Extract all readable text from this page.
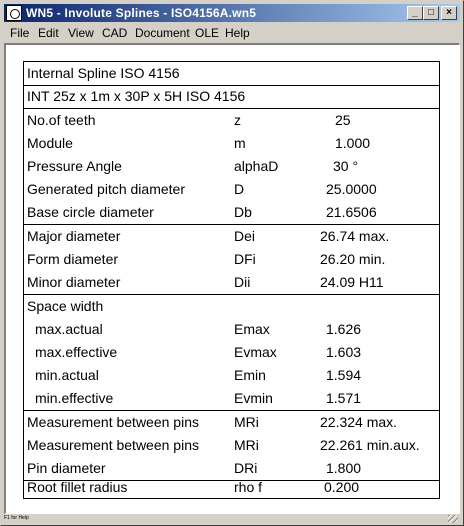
WN5 - Involute Splines - ISO4156A.wn5	_	□	×
File Edit View CAD Document OLE Help
Internal Spline ISO 4156
INT 25z x 1m x 30P x 5H ISO 4156
No.of teeth	z	25
Module	m	1.000
Pressure Angle	alphaD	30 °
Generated pitch diameter	D	25.0000
Base circle diameter	Db	21.6506
Major diameter	Dei	26.74 max.
Form diameter	DFi	26.20 min.
Minor diameter	Dii	24.09 H11
Space width
max.actual	Emax	1.626
max.effective	Evmax	1.603
min.actual	Emin	1.594
min.effective	Evmin	1.571
Measurement between pins	MRi	22.324 max.
Measurement between pins	MRi	22.261 min.aux.
Pin diameter	DRi	1.800
Root fillet radius	rho f	0.200
F1 for Help
